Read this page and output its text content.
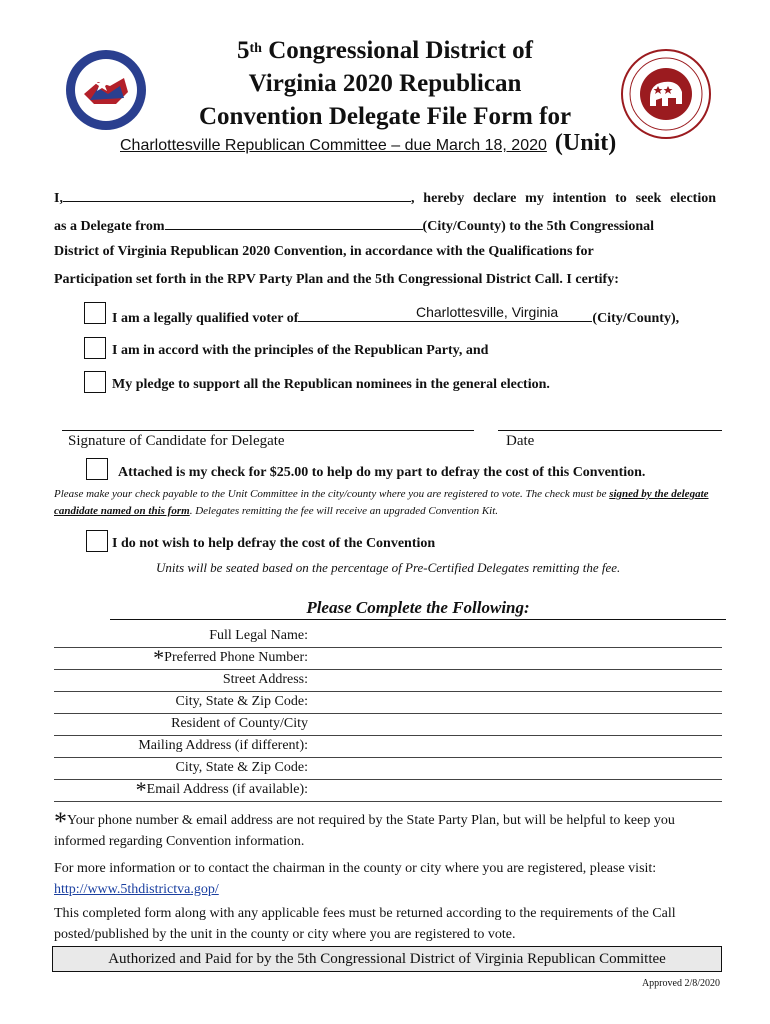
5th Congressional District of
Virginia 2020 Republican
Convention Delegate File Form for
Charlottesville Republican Committee – due March 18, 2020 (Unit)
I,	, hereby declare my intention to seek election
as a Delegate from	(City/County) to the 5th Congressional
District of Virginia Republican 2020 Convention, in accordance with the Qualifications for
Participation set forth in the RPV Party Plan and the 5th Congressional District Call. I certify:
I am a legally qualified voter of	(City/County),
Charlottesville, Virginia
I am in accord with the principles of the Republican Party, and
My pledge to support all the Republican nominees in the general election.
Signature of Candidate for Delegate	Date
Attached is my check for $25.00 to help do my part to defray the cost of this Convention.
Please make your check payable to the Unit Committee in the city/county where you are registered to vote. The check must be signed by the delegate candidate named on this form. Delegates remitting the fee will receive an upgraded Convention Kit.
I do not wish to help defray the cost of the Convention
Units will be seated based on the percentage of Pre-Certified Delegates remitting the fee.
Please Complete the Following:
Full Legal Name:
*Preferred Phone Number:
Street Address:
City, State & Zip Code:
Resident of County/City
Mailing Address (if different):
City, State & Zip Code:
*Email Address (if available):
*Your phone number & email address are not required by the State Party Plan, but will be helpful to keep you informed regarding Convention information.
For more information or to contact the chairman in the county or city where you are registered, please visit: http://www.5thdistrictva.gop/
This completed form along with any applicable fees must be returned according to the requirements of the Call posted/published by the unit in the county or city where you are registered to vote.
Authorized and Paid for by the 5th Congressional District of Virginia Republican Committee
Approved 2/8/2020
